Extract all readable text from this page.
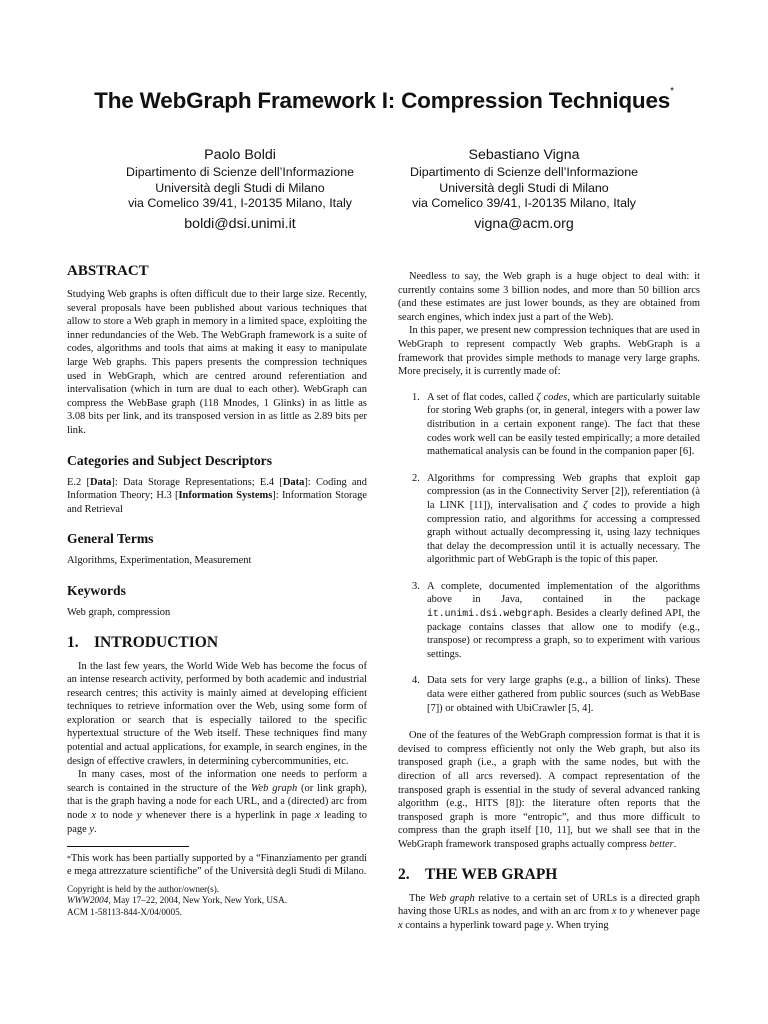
The WebGraph Framework I: Compression Techniques*
Paolo Boldi
Dipartimento di Scienze dell’Informazione
Università degli Studi di Milano
via Comelico 39/41, I-20135 Milano, Italy
boldi@dsi.unimi.it
Sebastiano Vigna
Dipartimento di Scienze dell’Informazione
Università degli Studi di Milano
via Comelico 39/41, I-20135 Milano, Italy
vigna@acm.org
ABSTRACT

Studying Web graphs is often difficult due to their large size. Recently, several proposals have been published about various techniques that allow to store a Web graph in memory in a limited space, exploiting the inner redundancies of the Web. The WebGraph framework is a suite of codes, algorithms and tools that aims at making it easy to manipulate large Web graphs. This papers presents the compression techniques used in WebGraph, which are centred around referentiation and intervalisation (which in turn are dual to each other). WebGraph can compress the WebBase graph (118 Mnodes, 1 Glinks) in as little as 3.08 bits per link, and its transposed version in as little as 2.89 bits per link.

Categories and Subject Descriptors

E.2 [Data]: Data Storage Representations; E.4 [Data]: Coding and Information Theory; H.3 [Information Systems]: Information Storage and Retrieval

General Terms

Algorithms, Experimentation, Measurement

Keywords

Web graph, compression

1. INTRODUCTION

In the last few years, the World Wide Web has become the focus of an intense research activity, performed by both academic and industrial research centres; this activity is mainly aimed at developing efficient techniques to retrieve information over the Web, using some form of exploration or search that is especially tailored to the specific hypertextual structure of the Web itself. These techniques find many potential and actual applications, for example, in search engines, in the design of effective crawlers, in determining cybercommunities, etc.

In many cases, most of the information one needs to perform a search is contained in the structure of the Web graph (or link graph), that is the graph having a node for each URL, and a (directed) arc from node x to node y whenever there is a hyperlink in page x leading to page y.

*This work has been partially supported by a “Finanziamento per grandi e mega attrezzature scientifiche” of the Università degli Studi di Milano.

Copyright is held by the author/owner(s).

WWW2004, May 17–22, 2004, New York, New York, USA.

ACM 1-58113-844-X/04/0005.

Needless to say, the Web graph is a huge object to deal with: it currently contains some 3 billion nodes, and more than 50 billion arcs (and these estimates are just lower bounds, as they are obtained from search engines, which index just a part of the Web).

In this paper, we present new compression techniques that are used in WebGraph to represent compactly Web graphs. WebGraph is a framework that provides simple methods to manage very large graphs. More precisely, it is currently made of:

1. A set of flat codes, called ζ codes, which are particularly suitable for storing Web graphs (or, in general, integers with a power law distribution in a certain exponent range). The fact that these codes work well can be easily tested empirically; a more detailed mathematical analysis can be found in the companion paper [6].
2. Algorithms for compressing Web graphs that exploit gap compression (as in the Connectivity Server [2]), referentiation (à la LINK [11]), intervalisation and ζ codes to provide a high compression ratio, and algorithms for accessing a compressed graph without actually decompressing it, using lazy techniques that delay the decompression until it is actually necessary. The algorithmic part of WebGraph is the topic of this paper.
3. A complete, documented implementation of the algorithms above in Java, contained in the package it.unimi.dsi.webgraph. Besides a clearly defined API, the package contains classes that allow one to modify (e.g., transpose) or recompress a graph, so to experiment with various settings.
4. Data sets for very large graphs (e.g., a billion of links). These data were either gathered from public sources (such as WebBase [7]) or obtained with UbiCrawler [5, 4].

One of the features of the WebGraph compression format is that it is devised to compress efficiently not only the Web graph, but also its transposed graph (i.e., a graph with the same nodes, but with the direction of all arcs reversed). A compact representation of the transposed graph is essential in the study of several advanced ranking algorithm (e.g., HITS [8]): the literature often reports that the transposed graph is more “entropic”, and thus more difficult to compress than the graph itself [10, 11], but we shall see that in the WebGraph framework transposed graphs actually compress better.

2. THE WEB GRAPH

The Web graph relative to a certain set of URLs is a directed graph having those URLs as nodes, and with an arc from x to y whenever page x contains a hyperlink toward page y. When trying
